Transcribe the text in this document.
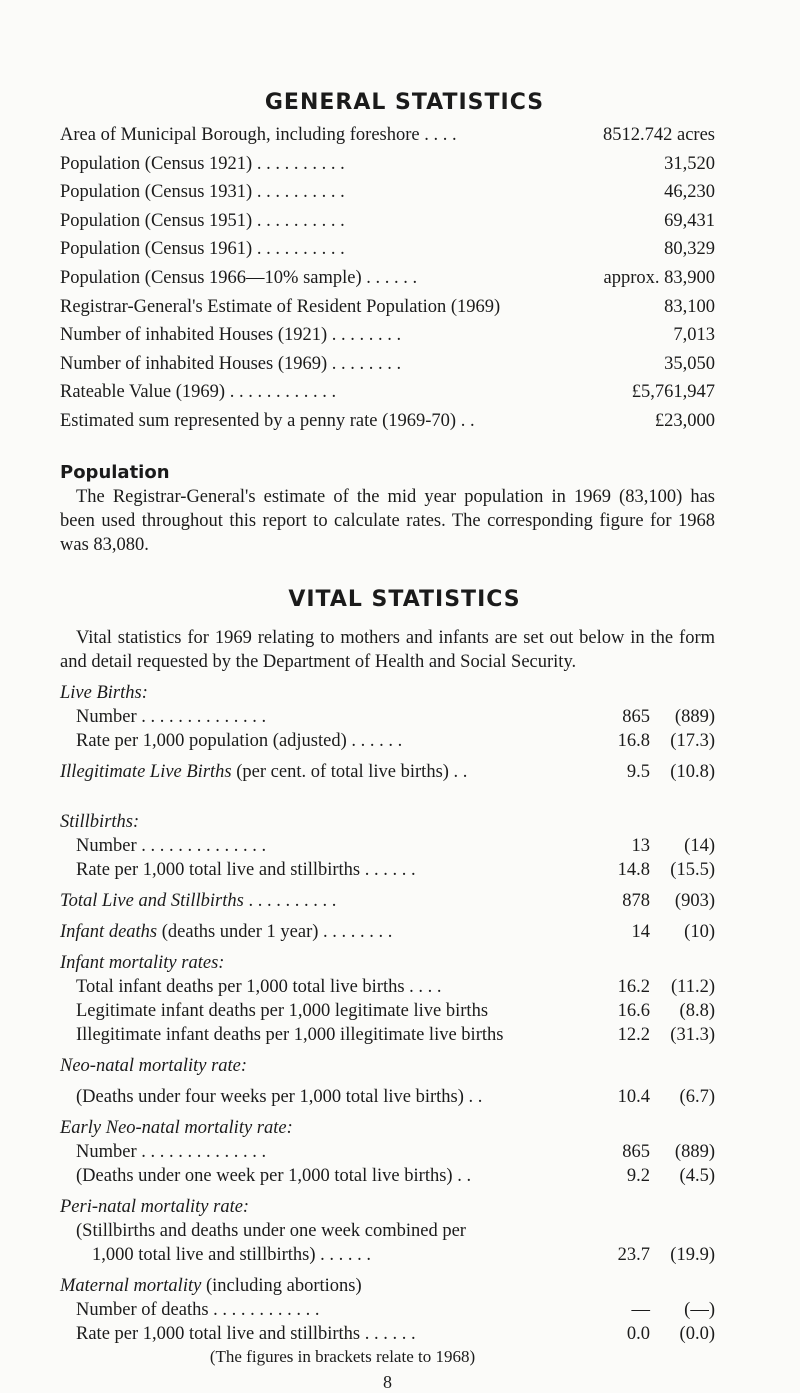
GENERAL STATISTICS
Area of Municipal Borough, including foreshore . . . .	8512.742 acres
Population (Census 1921) . . . . . . . . . .	31,520
Population (Census 1931) . . . . . . . . . .	46,230
Population (Census 1951) . . . . . . . . . .	69,431
Population (Census 1961) . . . . . . . . . .	80,329
Population (Census 1966—10% sample) . . . . . .	approx. 83,900
Registrar-General's Estimate of Resident Population (1969)	83,100
Number of inhabited Houses (1921) . . . . . . . .	7,013
Number of inhabited Houses (1969) . . . . . . . .	35,050
Rateable Value (1969) . . . . . . . . . . . .	£5,761,947
Estimated sum represented by a penny rate (1969-70) . .	£23,000
Population

The Registrar-General's estimate of the mid year population in 1969 (83,100) has been used throughout this report to calculate rates. The corresponding figure for 1968 was 83,080.

VITAL STATISTICS

Vital statistics for 1969 relating to mothers and infants are set out below in the form and detail requested by the Department of Health and Social Security.

Live Births:
Number . . . . . . . . . . . . . .	865	(889)
Rate per 1,000 population (adjusted) . . . . . .	16.8	(17.3)
Illegitimate Live Births (per cent. of total live births) . .	9.5	(10.8)
Stillbirths:
Number . . . . . . . . . . . . . .	13	(14)
Rate per 1,000 total live and stillbirths . . . . . .	14.8	(15.5)
Total Live and Stillbirths . . . . . . . . . .	878	(903)
Infant deaths (deaths under 1 year) . . . . . . . .	14	(10)
Infant mortality rates:
Total infant deaths per 1,000 total live births . . . .	16.2	(11.2)
Legitimate infant deaths per 1,000 legitimate live births	16.6	(8.8)
Illegitimate infant deaths per 1,000 illegitimate live births	12.2	(31.3)
Neo-natal mortality rate:
(Deaths under four weeks per 1,000 total live births) . .	10.4	(6.7)
Early Neo-natal mortality rate:
Number . . . . . . . . . . . . . .	865	(889)
(Deaths under one week per 1,000 total live births) . .	9.2	(4.5)
Peri-natal mortality rate:
(Stillbirths and deaths under one week combined per
1,000 total live and stillbirths) . . . . . .	23.7	(19.9)
Maternal mortality (including abortions)
Number of deaths . . . . . . . . . . . .	—	(—)
Rate per 1,000 total live and stillbirths . . . . . .	0.0	(0.0)
(The figures in brackets relate to 1968)
8
